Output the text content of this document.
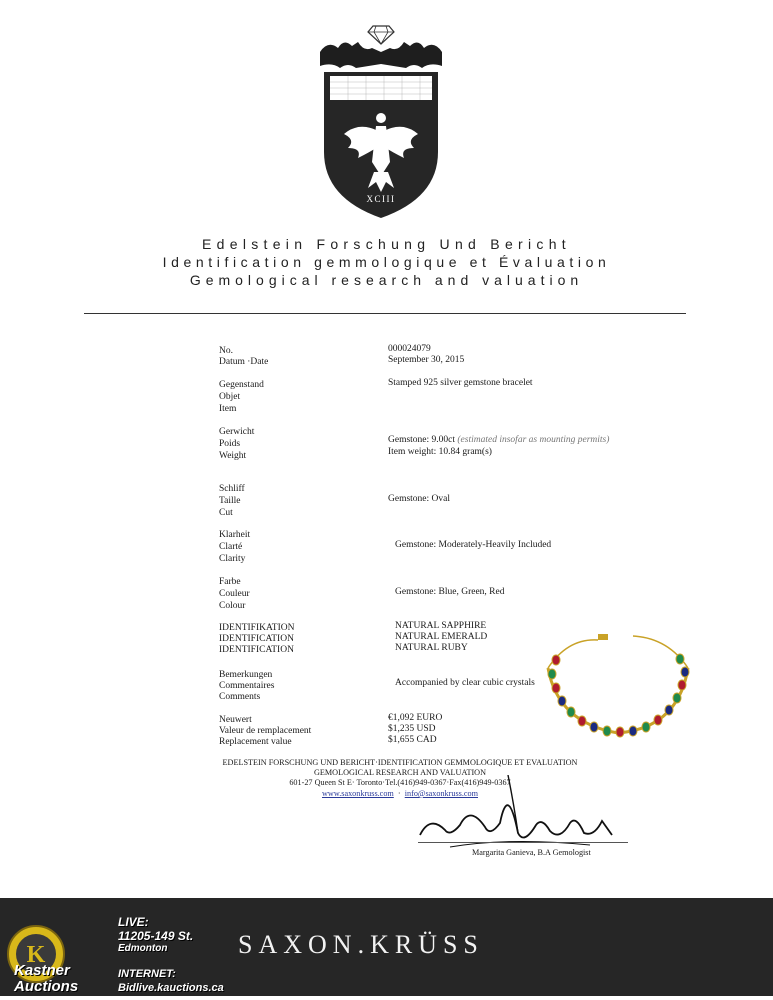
XCIII
Edelstein Forschung Und Bericht
Identification gemmologique et Évaluation
Gemological research and valuation
No.
Datum ·Date
Gegenstand
Objet
Item
Gerwicht
Poids
Weight
Schliff
Taille
Cut
Klarheit
Clarté
Clarity
Farbe
Couleur
Colour
IDENTIFIKATION
IDENTIFICATION
IDENTIFICATION
Bemerkungen
Commentaires
Comments
Neuwert
Valeur de remplacement
Replacement value
000024079
September 30, 2015
Stamped 925 silver gemstone bracelet
Gemstone: 9.00ct (estimated insofar as mounting permits)
Item weight: 10.84 gram(s)
Gemstone: Oval
Gemstone: Moderately-Heavily Included
Gemstone: Blue, Green, Red
NATURAL SAPPHIRE
NATURAL EMERALD
NATURAL RUBY
Accompanied by clear cubic crystals
€1,092 EURO
$1,235 USD
$1,655 CAD
EDELSTEIN FORSCHUNG UND BERICHT·IDENTIFICATION GEMMOLOGIQUE ET EVALUATION
GEMOLOGICAL RESEARCH AND VALUATION
601-27 Queen St E· Toronto·Tel.(416)949-0367·Fax(416)949-0367
www.saxonkruss.com  ·  info@saxonkruss.com
Margarita Ganieva, B.A Gemologist
SAXON.KRÜSS
K
Kastner
Auctions
LIVE:
11205-149 St.
Edmonton
INTERNET:
Bidlive.kauctions.ca
